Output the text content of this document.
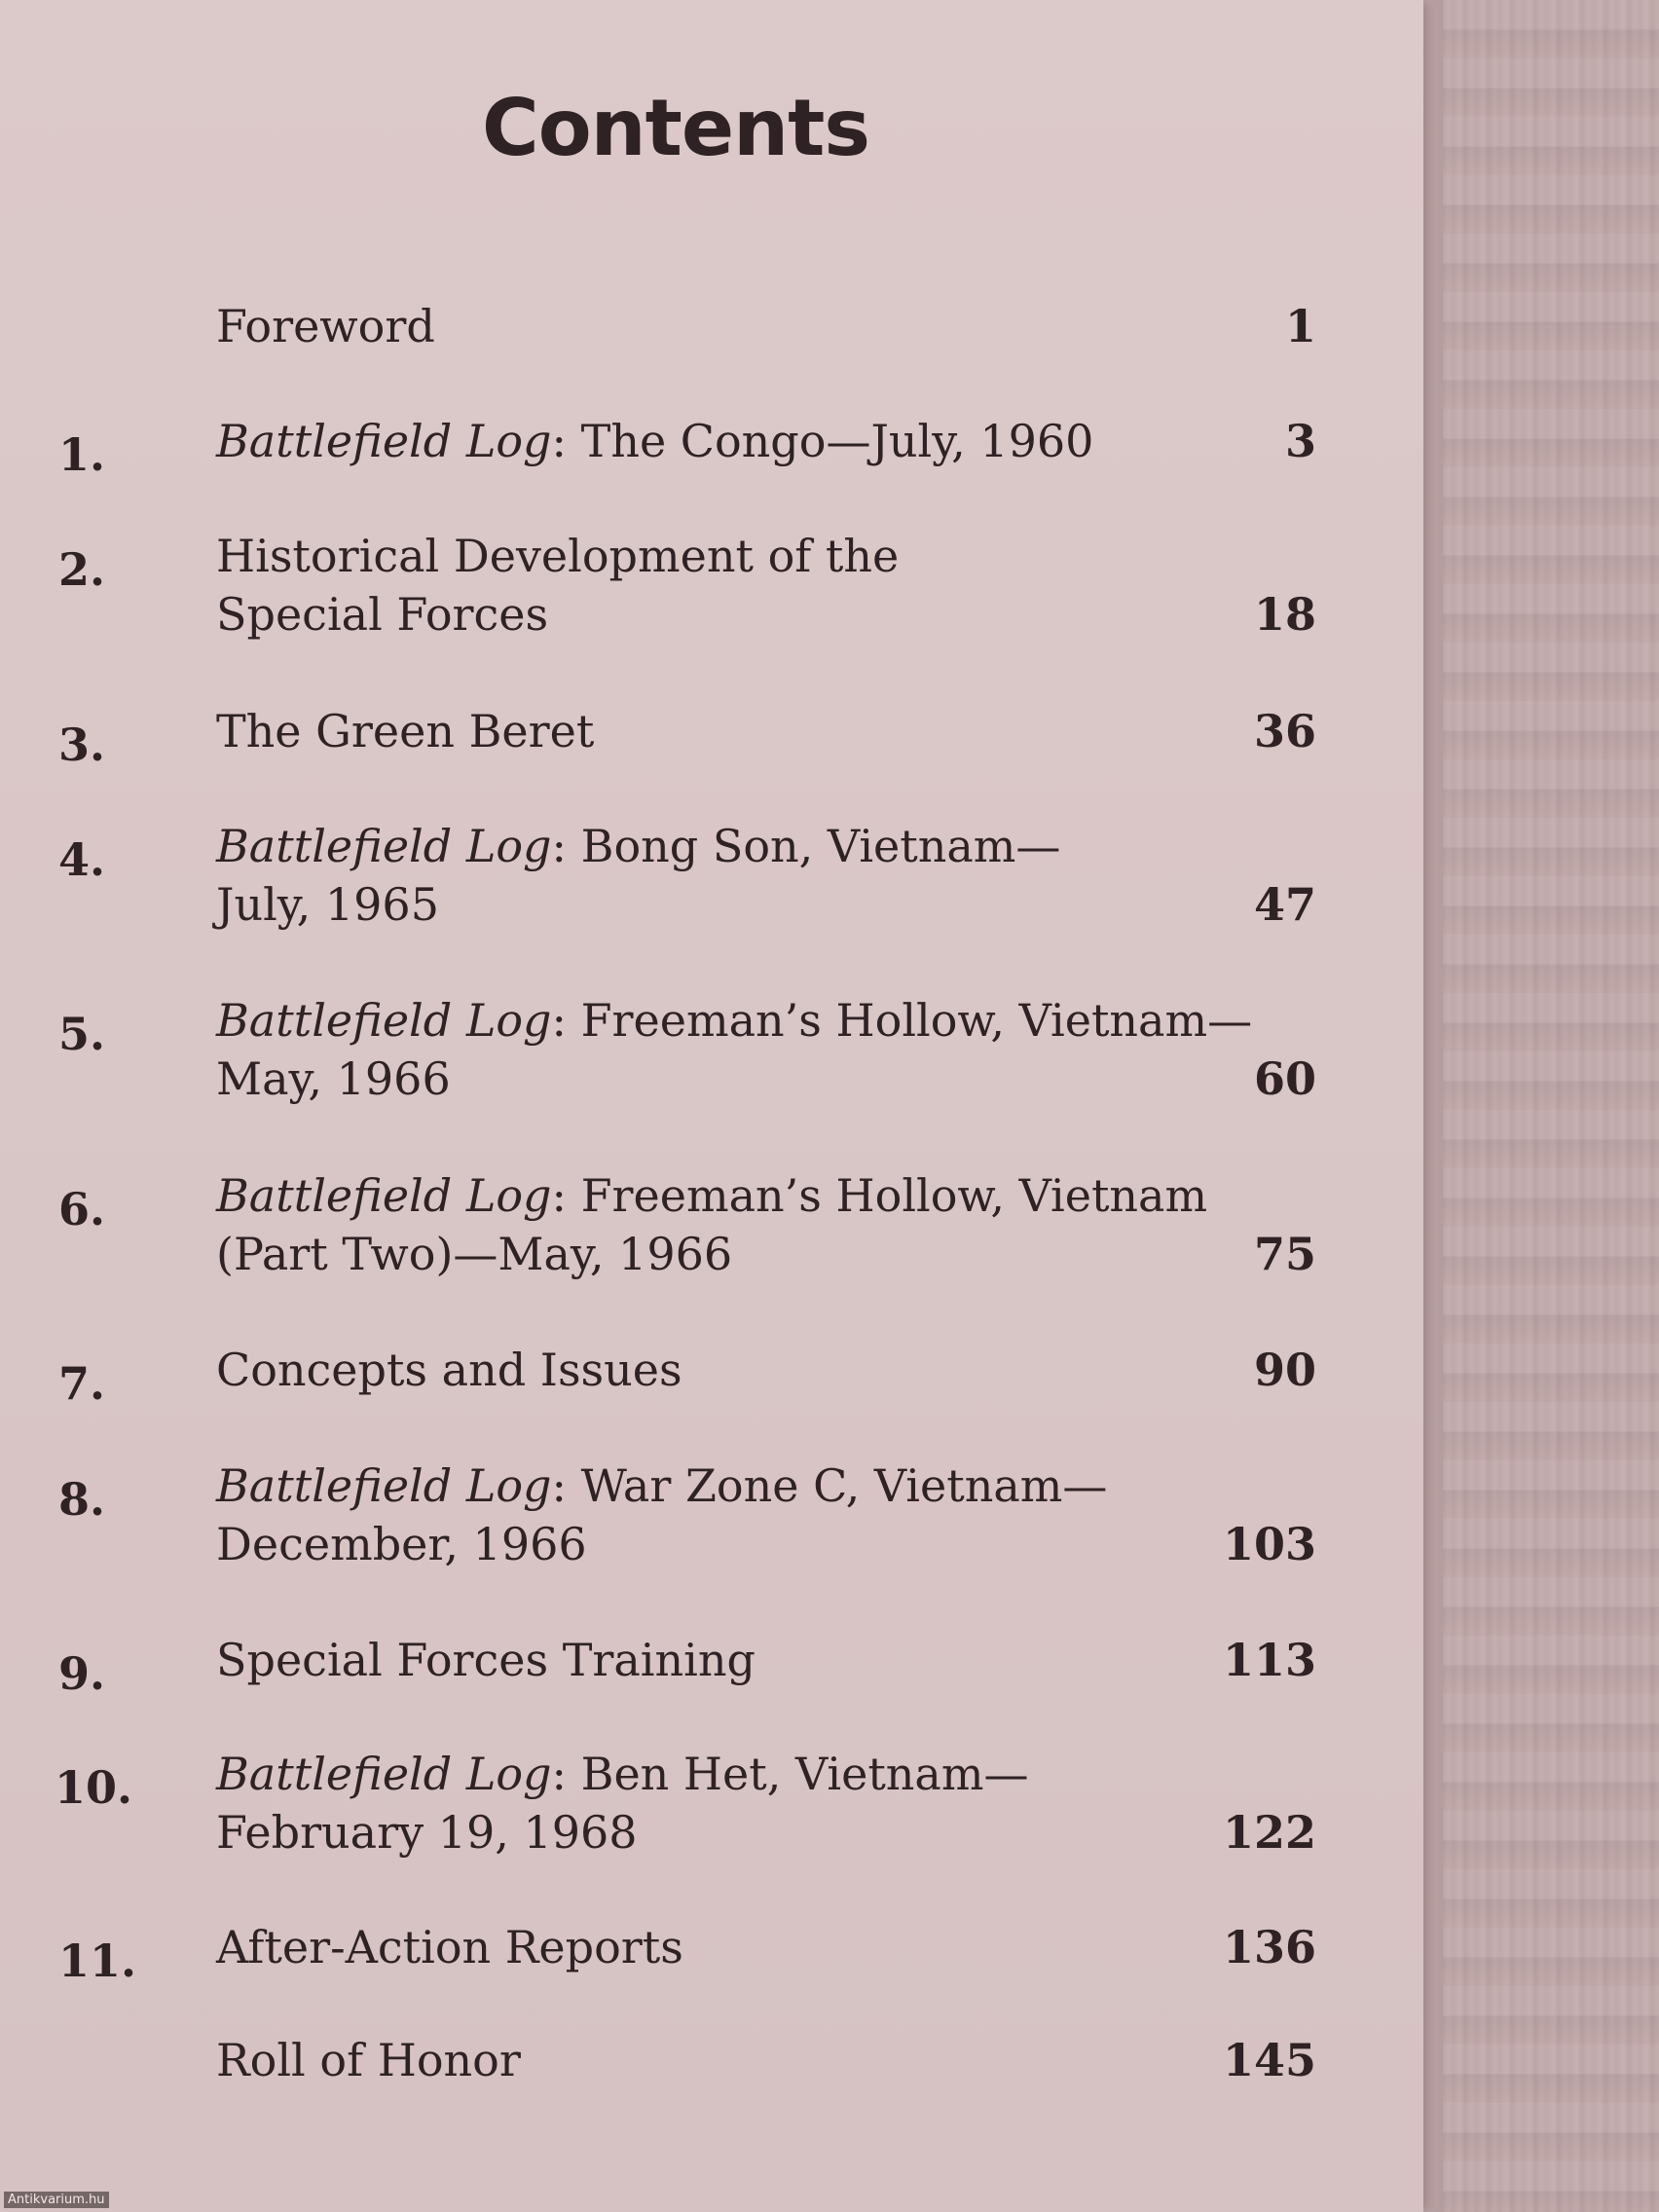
Contents
Foreword	1
1.	Battlefield Log: The Congo—July, 1960	3
2.	Historical Development of the
Special Forces	18
3.	The Green Beret	36
4.	Battlefield Log: Bong Son, Vietnam—
July, 1965	47
5.	Battlefield Log: Freeman’s Hollow, Vietnam—
May, 1966	60
6.	Battlefield Log: Freeman’s Hollow, Vietnam
(Part Two)—May, 1966	75
7.	Concepts and Issues	90
8.	Battlefield Log: War Zone C, Vietnam—
December, 1966	103
9.	Special Forces Training	113
10. Battlefield Log: Ben Het, Vietnam—
February 19, 1968	122
11. After-Action Reports	136
Roll of Honor	145
Antikvarium.hu
